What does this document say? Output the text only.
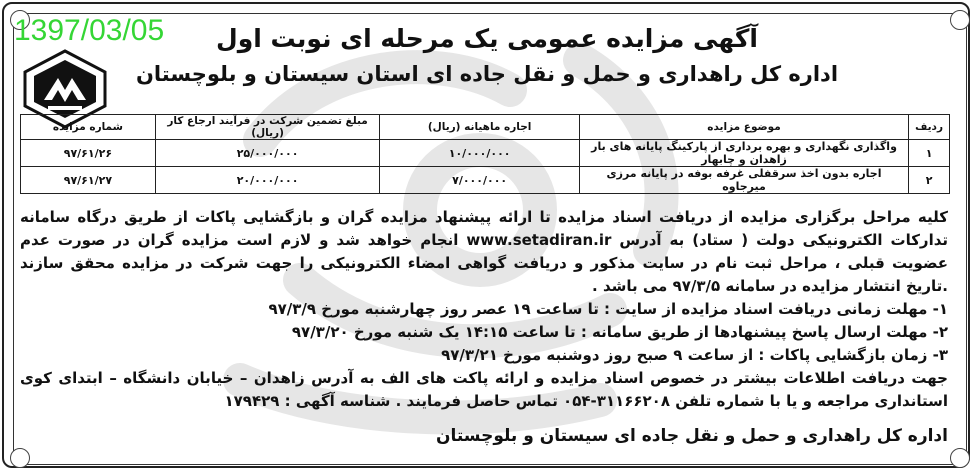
1397/03/05	آگهی مزایده عمومی یک مرحله ای نوبت اول
اداره کل راهداری و حمل و نقل جاده ای استان سیستان و بلوچستان
ردیف	موضوع مزایده	اجاره ماهیانه (ریال)	مبلغ تضمین شرکت در فرآیند ارجاع کار (ریال)	شماره مزایده
۱	واگذاری نگهداری و بهره برداری از پارکینگ پایانه های بار زاهدان و چابهار	۱۰/۰۰۰/۰۰۰	۲۵/۰۰۰/۰۰۰	۹۷/۶۱/۲۶
۲	اجاره بدون اخذ سرقفلی غرفه بوفه در پایانه مرزی میرجاوه	۷/۰۰۰/۰۰۰	۲۰/۰۰۰/۰۰۰	۹۷/۶۱/۲۷

کلیه مراحل برگزاری مزایده از دریافت اسناد مزایده تا ارائه پیشنهاد مزایده گران و بازگشایی پاکات از طریق درگاه سامانه تدارکات الکترونیکی دولت ( ستاد) به آدرس www.setadiran.ir انجام خواهد شد و لازم است مزایده گران در صورت عدم عضویت قبلی ، مراحل ثبت نام در سایت مذکور و دریافت گواهی امضاء الکترونیکی را جهت شرکت در مزایده محقق سازند .تاریخ انتشار مزایده در سامانه ۹۷/۳/۵ می باشد .

۱- مهلت زمانی دریافت اسناد مزایده از سایت : تا ساعت ۱۹ عصر روز چهارشنبه مورخ ۹۷/۳/۹

۲- مهلت ارسال پاسخ پیشنهادها از طریق سامانه : تا ساعت ۱۴:۱۵ یک شنبه مورخ ۹۷/۳/۲۰

۳- زمان بازگشایی پاکات : از ساعت ۹ صبح روز دوشنبه مورخ ۹۷/۳/۲۱

جهت دریافت اطلاعات بیشتر در خصوص اسناد مزایده و ارائه پاکت های الف به آدرس زاهدان – خیابان دانشگاه – ابتدای کوی استانداری مراجعه و یا با شماره تلفن ۳۱۱۶۶۲۰۸-۰۵۴ تماس حاصل فرمایند . شناسه آگهی : ۱۷۹۴۲۹

اداره کل راهداری و حمل و نقل جاده ای سیستان و بلوچستان
